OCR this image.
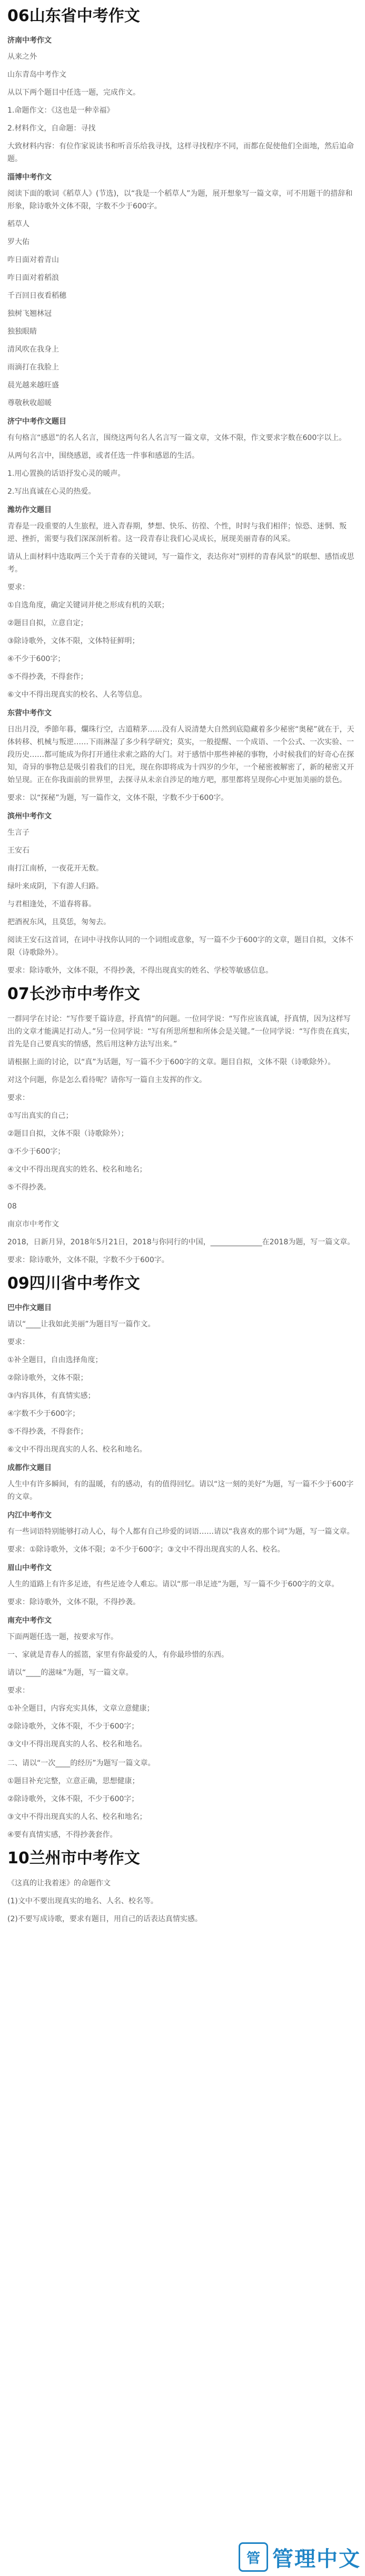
06山东省中考作文
济南中考作文

从来之外

山东青岛中考作文

从以下两个题目中任选一题，完成作文。

1.命题作文：《这也是一种幸福》

2.材料作文，自命题：寻找

大致材料内容：有位作家说读书和听音乐给我寻找，这样寻找程序不同，而都在促使他们全面地，然后追命题。

淄博中考作文

阅读下面的歌词《稻草人》(节选)，以“我是一个稻草人”为题，展开想象写一篇文章，可不用题干的措辞和形象，除诗歌外文体不限，字数不少于600字。

稻草人

罗大佑

咋日面对着青山

咋日面对着稻浪

千百回日夜看稻穗

独树飞翘林冠

独独眼睛

清风吹在我身上

雨滴打在我脸上

晨光越来越旺盛

尊敬秋收超暖

济宁中考作文题目

有句格言“感恩”的名人名言，围绕这两句名人名言写一篇文章，文体不限，作文要求字数在600字以上。

从两句名言中，围绕感恩，或者任选一件事和感恩的生活。

1.用心置换的话语抒发心灵的暖声。

2.写出真诚在心灵的热爱。

潍坊作文题目

青春是一段重要的人生旅程，进入青春期，梦想、快乐、彷徨、个性，时时与我们相伴；惊恐、迷惘、叛逆、挫折，需要与我们深深剖析着。这一段青春让我们心灵成长，展现美丽青春的风采。

请从上面材料中选取两三个关于青春的关键词，写一篇作文，表达你对“别样的青春风景”的联想、感悟或思考。

要求：

①自选角度，确定关键词并使之形成有机的关联；
②题目自拟，立意自定；
③除诗歌外，文体不限，文体特征鲜明；
④不少于600字；
⑤不得抄袭，不得套作；
⑥文中不得出现真实的校名、人名等信息。
东营中考作文

日出月没，季節年暮，爛珠行空，古道精茅……没有人说清楚大自然到底隐藏着多少秘密“奥秘”就在于，天体转移、机械与叛逆……下雨淋湿了多少科学研究；莫实，一般提醒、一个成语、一个公式、一次实验、一段历史……都可能成为你打开通往求索之路的大门。对于感悟中那些神秘的事物，小时候我们的好奇心在探知，奇异的事物总是吸引着我们的目光，现在你即将成为十四岁的少年，一个秘密被解密了，新的秘密又开始呈现。正在你我面前的世界里，去探寻从未亲自涉足的地方吧，那里都将呈现你心中更加美丽的景色。

要求：以“探秘”为题，写一篇作文，文体不限，字数不少于600字。

滨州中考作文

生言子

王安石

南打江南桥，一夜花开无数。

绿叶来成阴，下有游人归路。

与君相逢处，不道春将暮。

把酒祝东风，且莫恁，匆匆去。

阅读王安石这首词，在词中寻找你认同的一个词组或意象，写一篇不少于600字的文章，题目自拟，文体不限（诗歌除外）。

要求：除诗歌外，文体不限，不得抄袭，不得出现真实的姓名、学校等敏感信息。

07长沙市中考作文

一群同学在讨论：“写作要千篇诗意，抒真情”的问题。一位同学说：“写作应该真诚，抒真情，因为这样写出的文章才能满足打动人。”另一位同学说：“写有所思所想和所体会是关键。”一位同学说：“写作贵在真实，首先是自己要真实的情感，然后用这种方法写出来。”

请根据上面的讨论，以“真”为话题，写一篇不少于600字的文章。题目自拟，文体不限（诗歌除外）。

对这个问题，你是怎么看待呢？请你写一篇自主发挥的作文。

要求：

①写出真实的自己；
②题目自拟，文体不限（诗歌除外）；
③不少于600字；
④文中不得出现真实的姓名、校名和地名；
⑤不得抄袭。

08

南京市中考作文

2018，日新月异，2018年5月21日，2018与你同行的中国，______________在2018为题，写一篇文章。

要求：除诗歌外，文体不限，字数不少于600字。

09四川省中考作文
巴中作文题目

请以“____让我如此美丽”为题目写一篇作文。

要求：

①补全题目，自由选择角度；
②除诗歌外，文体不限；
③内容具体，有真情实感；
④字数不少于600字；
⑤不得抄袭，不得套作；
⑥文中不得出现真实的人名、校名和地名。
成都作文题目

人生中有许多瞬间，有的温暖，有的感动，有的值得回忆。请以“这一刻的美好”为题，写一篇不少于600字的文章。

内江中考作文

有一些词语特别能够打动人心，每个人都有自己珍爱的词语……请以“我喜欢的那个词”为题，写一篇文章。

要求：①除诗歌外，文体不限；②不少于600字；③文中不得出现真实的人名、校名。

眉山中考作文

人生的道路上有许多足迹，有些足迹令人难忘。请以“那一串足迹”为题，写一篇不少于600字的文章。

要求：除诗歌外，文体不限，不得抄袭。

南充中考作文

下面两题任选一题，按要求写作。

一、家就是青春人的摇篮，家里有你最爱的人，有你最珍惜的东西。

请以“____的滋味”为题，写一篇文章。

要求：

①补全题目，内容充实具体，文章立意健康；
②除诗歌外，文体不限，不少于600字；
③文中不得出现真实的人名、校名和地名。

二、请以“一次____的经历”为题写一篇文章。

①题目补充完整，立意正确，思想健康；
②除诗歌外，文体不限，不少于600字；
③文中不得出现真实的人名、校名和地名；
④要有真情实感，不得抄袭套作。
10兰州市中考作文

《这真的让我着迷》的命题作文

(1)文中不要出现真实的地名、人名、校名等。

(2)不要写成诗歌，要求有题目，用自己的话表达真情实感。

管 管理中文
